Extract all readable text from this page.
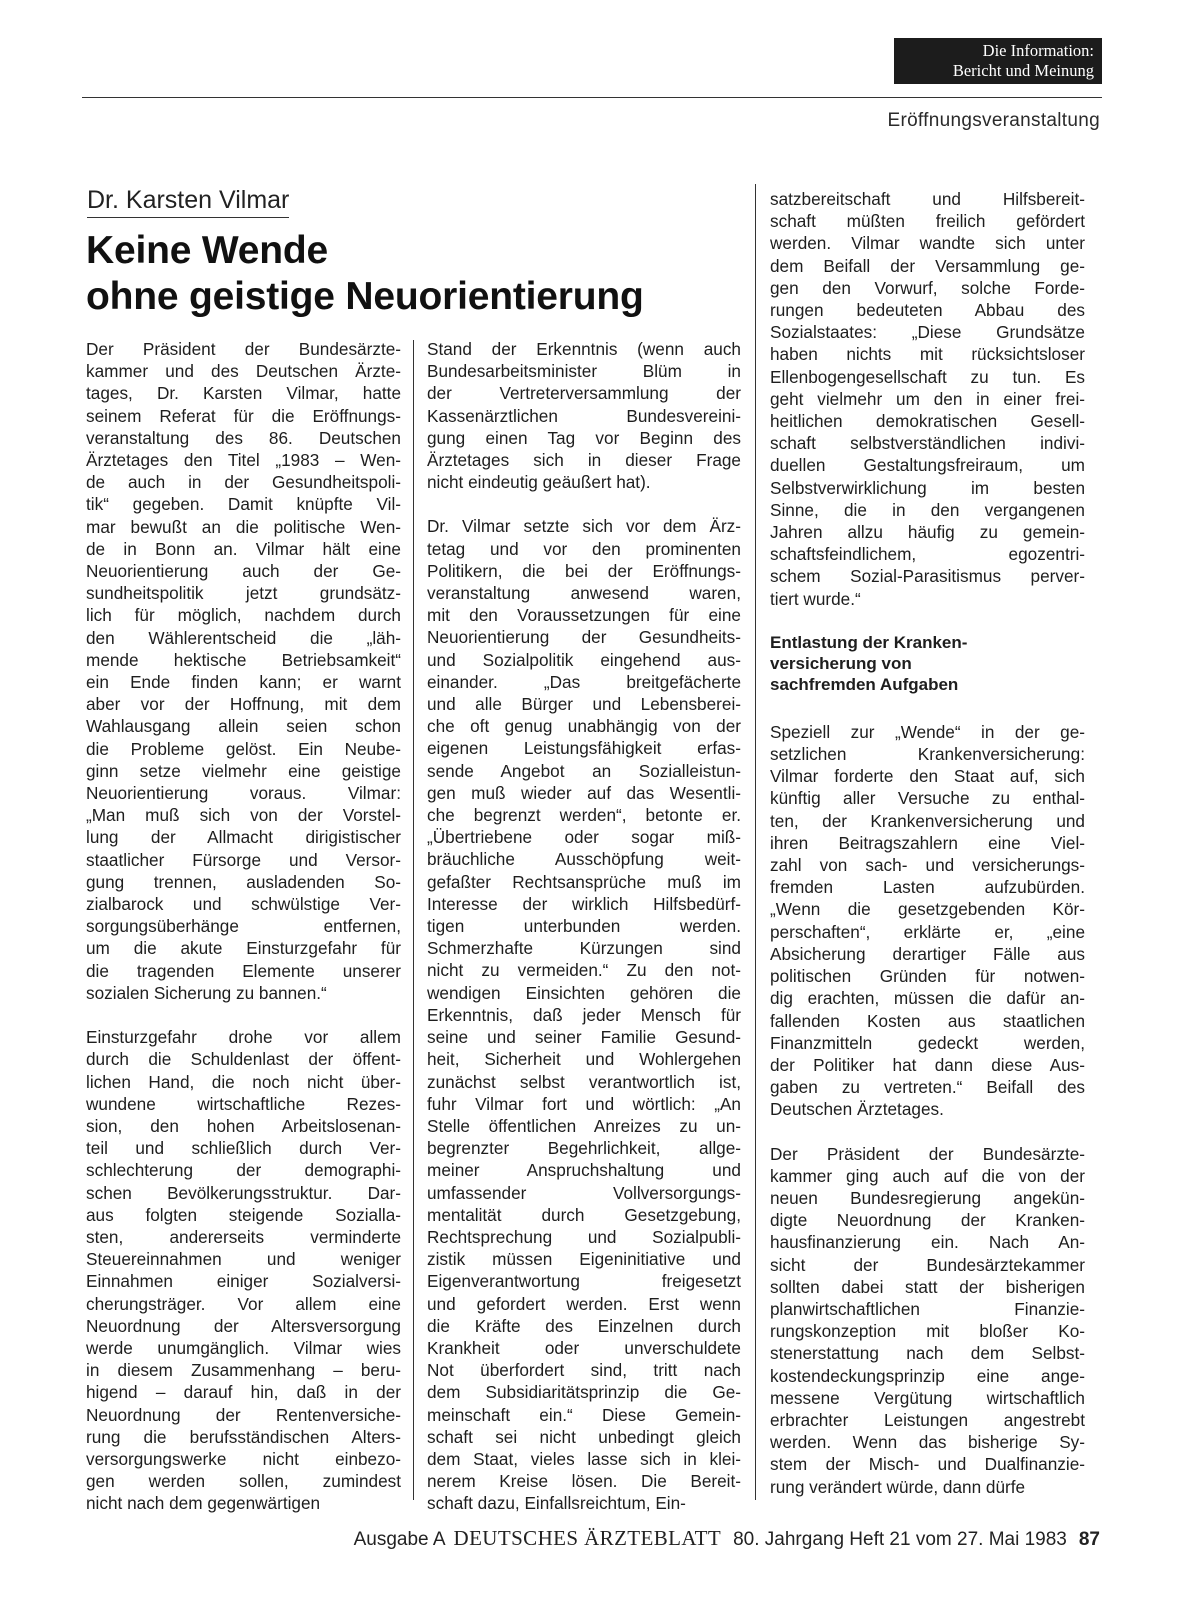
Die Information:
Bericht und Meinung
Eröffnungsveranstaltung
Dr. Karsten Vilmar
Keine Wende
ohne geistige Neuorientierung

Der Präsident der Bundesärzte-
kammer und des Deutschen Ärzte-
tages, Dr. Karsten Vilmar, hatte
seinem Referat für die Eröffnungs-
veranstaltung des 86. Deutschen
Ärztetages den Titel „1983 – Wen-
de auch in der Gesundheitspoli-
tik“ gegeben. Damit knüpfte Vil-
mar bewußt an die politische Wen-
de in Bonn an. Vilmar hält eine
Neuorientierung auch der Ge-
sundheitspolitik jetzt grundsätz-
lich für möglich, nachdem durch
den Wählerentscheid die „läh-
mende hektische Betriebsamkeit“
ein Ende finden kann; er warnt
aber vor der Hoffnung, mit dem
Wahlausgang allein seien schon
die Probleme gelöst. Ein Neube-
ginn setze vielmehr eine geistige
Neuorientierung voraus. Vilmar:
„Man muß sich von der Vorstel-
lung der Allmacht dirigistischer
staatlicher Fürsorge und Versor-
gung trennen, ausladenden So-
zialbarock und schwülstige Ver-
sorgungsüberhänge entfernen,
um die akute Einsturzgefahr für
die tragenden Elemente unserer
sozialen Sicherung zu bannen.“

Einsturzgefahr drohe vor allem
durch die Schuldenlast der öffent-
lichen Hand, die noch nicht über-
wundene wirtschaftliche Rezes-
sion, den hohen Arbeitslosenan-
teil und schließlich durch Ver-
schlechterung der demographi-
schen Bevölkerungsstruktur. Dar-
aus folgten steigende Soziallа-
sten, andererseits verminderte
Steuereinnahmen und weniger
Einnahmen einiger Sozialversi-
cherungsträger. Vor allem eine
Neuordnung der Altersversorgung
werde unumgänglich. Vilmar wies
in diesem Zusammenhang – beru-
higend – darauf hin, daß in der
Neuordnung der Rentenversiche-
rung die berufsständischen Alters-
versorgungswerke nicht einbezo-
gen werden sollen, zumindest
nicht nach dem gegenwärtigen

Stand der Erkenntnis (wenn auch
Bundesarbeitsminister Blüm in
der Vertreterversammlung der
Kassenärztlichen Bundesvereini-
gung einen Tag vor Beginn des
Ärztetages sich in dieser Frage
nicht eindeutig geäußert hat).

Dr. Vilmar setzte sich vor dem Ärz-
tetag und vor den prominenten
Politikern, die bei der Eröffnungs-
veranstaltung anwesend waren,
mit den Voraussetzungen für eine
Neuorientierung der Gesundheits-
und Sozialpolitik eingehend aus-
einander. „Das breitgefächerte
und alle Bürger und Lebensberei-
che oft genug unabhängig von der
eigenen Leistungsfähigkeit erfas-
sende Angebot an Sozialleistun-
gen muß wieder auf das Wesentli-
che begrenzt werden“, betonte er.
„Übertriebene oder sogar miß-
bräuchliche Ausschöpfung weit-
gefaßter Rechtsansprüche muß im
Interesse der wirklich Hilfsbedürf-
tigen unterbunden werden.
Schmerzhafte Kürzungen sind
nicht zu vermeiden.“ Zu den not-
wendigen Einsichten gehören die
Erkenntnis, daß jeder Mensch für
seine und seiner Familie Gesund-
heit, Sicherheit und Wohlergehen
zunächst selbst verantwortlich ist,
fuhr Vilmar fort und wörtlich: „An
Stelle öffentlichen Anreizes zu un-
begrenzter Begehrlichkeit, allge-
meiner Anspruchshaltung und
umfassender Vollversorgungs-
mentalität durch Gesetzgebung,
Rechtsprechung und Sozialpubli-
zistik müssen Eigeninitiative und
Eigenverantwortung freigesetzt
und gefordert werden. Erst wenn
die Kräfte des Einzelnen durch
Krankheit oder unverschuldete
Not überfordert sind, tritt nach
dem Subsidiaritätsprinzip die Ge-
meinschaft ein.“ Diese Gemein-
schaft sei nicht unbedingt gleich
dem Staat, vieles lasse sich in klei-
nerem Kreise lösen. Die Bereit-
schaft dazu, Einfallsreichtum, Ein-

satzbereitschaft und Hilfsbereit-
schaft müßten freilich gefördert
werden. Vilmar wandte sich unter
dem Beifall der Versammlung ge-
gen den Vorwurf, solche Forde-
rungen bedeuteten Abbau des
Sozialstaates: „Diese Grundsätze
haben nichts mit rücksichtsloser
Ellenbogengesellschaft zu tun. Es
geht vielmehr um den in einer frei-
heitlichen demokratischen Gesell-
schaft selbstverständlichen indivi-
duellen Gestaltungsfreiraum, um
Selbstverwirklichung im besten
Sinne, die in den vergangenen
Jahren allzu häufig zu gemein-
schaftsfeindlichem, egozentri-
schem Sozial-Parasitismus perver-
tiert wurde.“

Entlastung der Kranken-
versicherung von
sachfremden Aufgaben

Speziell zur „Wende“ in der ge-
setzlichen Krankenversicherung:
Vilmar forderte den Staat auf, sich
künftig aller Versuche zu enthal-
ten, der Krankenversicherung und
ihren Beitragszahlern eine Viel-
zahl von sach- und versicherungs-
fremden Lasten aufzubürden.
„Wenn die gesetzgebenden Kör-
perschaften“, erklärte er, „eine
Absicherung derartiger Fälle aus
politischen Gründen für notwen-
dig erachten, müssen die dafür an-
fallenden Kosten aus staatlichen
Finanzmitteln gedeckt werden,
der Politiker hat dann diese Aus-
gaben zu vertreten.“ Beifall des
Deutschen Ärztetages.

Der Präsident der Bundesärzte-
kammer ging auch auf die von der
neuen Bundesregierung angekün-
digte Neuordnung der Kranken-
hausfinanzierung ein. Nach An-
sicht der Bundesärztekammer
sollten dabei statt der bisherigen
planwirtschaftlichen Finanzie-
rungskonzeption mit bloßer Ko-
stenerstattung nach dem Selbst-
kostendeckungsprinzip eine ange-
messene Vergütung wirtschaftlich
erbrachter Leistungen angestrebt
werden. Wenn das bisherige Sy-
stem der Misch- und Dualfinanzie-
rung verändert würde, dann dürfe

Ausgabe A DEUTSCHES ÄRZTEBLATT 80. Jahrgang Heft 21 vom 27. Mai 1983 87
